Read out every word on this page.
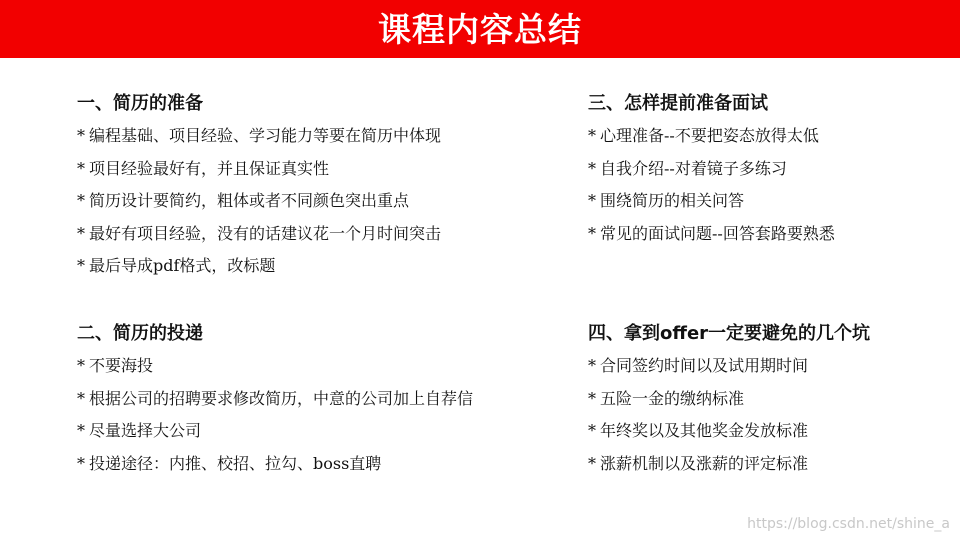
课程内容总结
一、简历的准备
* 编程基础、项目经验、学习能力等要在简历中体现
* 项目经验最好有，并且保证真实性
* 简历设计要简约，粗体或者不同颜色突出重点
* 最好有项目经验，没有的话建议花一个月时间突击
* 最后导成pdf格式，改标题
三、怎样提前准备面试
* 心理准备--不要把姿态放得太低
* 自我介绍--对着镜子多练习
* 围绕简历的相关问答
* 常见的面试问题--回答套路要熟悉
二、简历的投递
* 不要海投
* 根据公司的招聘要求修改简历，中意的公司加上自荐信
* 尽量选择大公司
* 投递途径：内推、校招、拉勾、boss直聘
四、拿到offer一定要避免的几个坑
* 合同签约时间以及试用期时间
* 五险一金的缴纳标准
* 年终奖以及其他奖金发放标准
* 涨薪机制以及涨薪的评定标准
https://blog.csdn.net/shine_a
